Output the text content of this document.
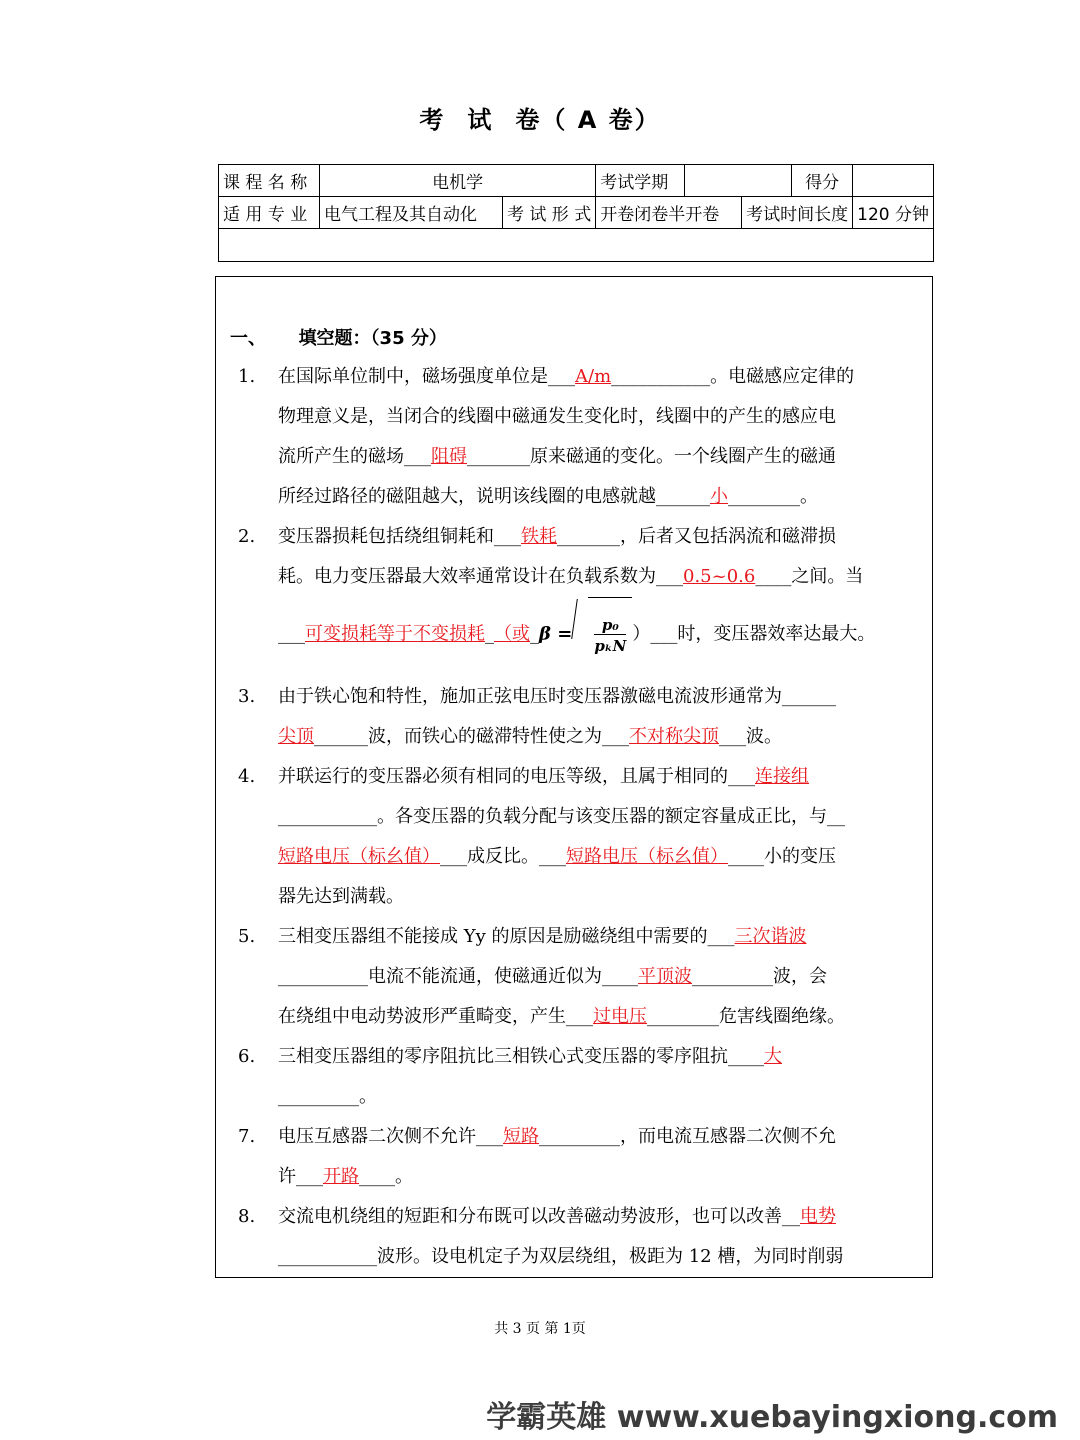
考 试 卷（ A 卷）
课 程 名 称	电机学		考试学期			得分	
适 用 专 业	电气工程及其自动化	考 试 形 式	开卷闭卷半开卷		考试时间长度		120 分钟

一、 填空题：（35 分）
1. 在国际单位制中，磁场强度单位是___A/m___________。电磁感应定律的
物理意义是，当闭合的线圈中磁通发生变化时，线圈中的产生的感应电
流所产生的磁场___阻碍_______原来磁通的变化。一个线圈产生的磁通
所经过路径的磁阻越大，说明该线圈的电感就越______小________。
2. 变压器损耗包括绕组铜耗和___铁耗_______，后者又包括涡流和磁滞损
耗。电力变压器最大效率通常设计在负载系数为___0.5~0.6____之间。当
___可变损耗等于不变损耗_（或_β = $\frac{\text{p₀}}{\text{pₖN}}$ ）___时，变压器效率达最大。
3. 由于铁心饱和特性，施加正弦电压时变压器激磁电流波形通常为______
尖顶______波，而铁心的磁滞特性使之为___不对称尖顶___波。
4. 并联运行的变压器必须有相同的电压等级，且属于相同的___连接组
___________。各变压器的负载分配与该变压器的额定容量成正比，与__
短路电压（标幺值）___成反比。___短路电压（标幺值）____小的变压
器先达到满载。
5. 三相变压器组不能接成 Yy 的原因是励磁绕组中需要的___三次谐波
__________电流不能流通，使磁通近似为____平顶波_________波，会
在绕组中电动势波形严重畸变，产生___过电压________危害线圈绝缘。
6. 三相变压器组的零序阻抗比三相铁心式变压器的零序阻抗____大
_________。
7. 电压互感器二次侧不允许___短路_________，而电流互感器二次侧不允
许___开路____。
8. 交流电机绕组的短距和分布既可以改善磁动势波形，也可以改善__电势
___________波形。设电机定子为双层绕组，极距为 12 槽，为同时削弱
共 3 页 第 1页
学霸英雄 www.xuebayingxiong.com
